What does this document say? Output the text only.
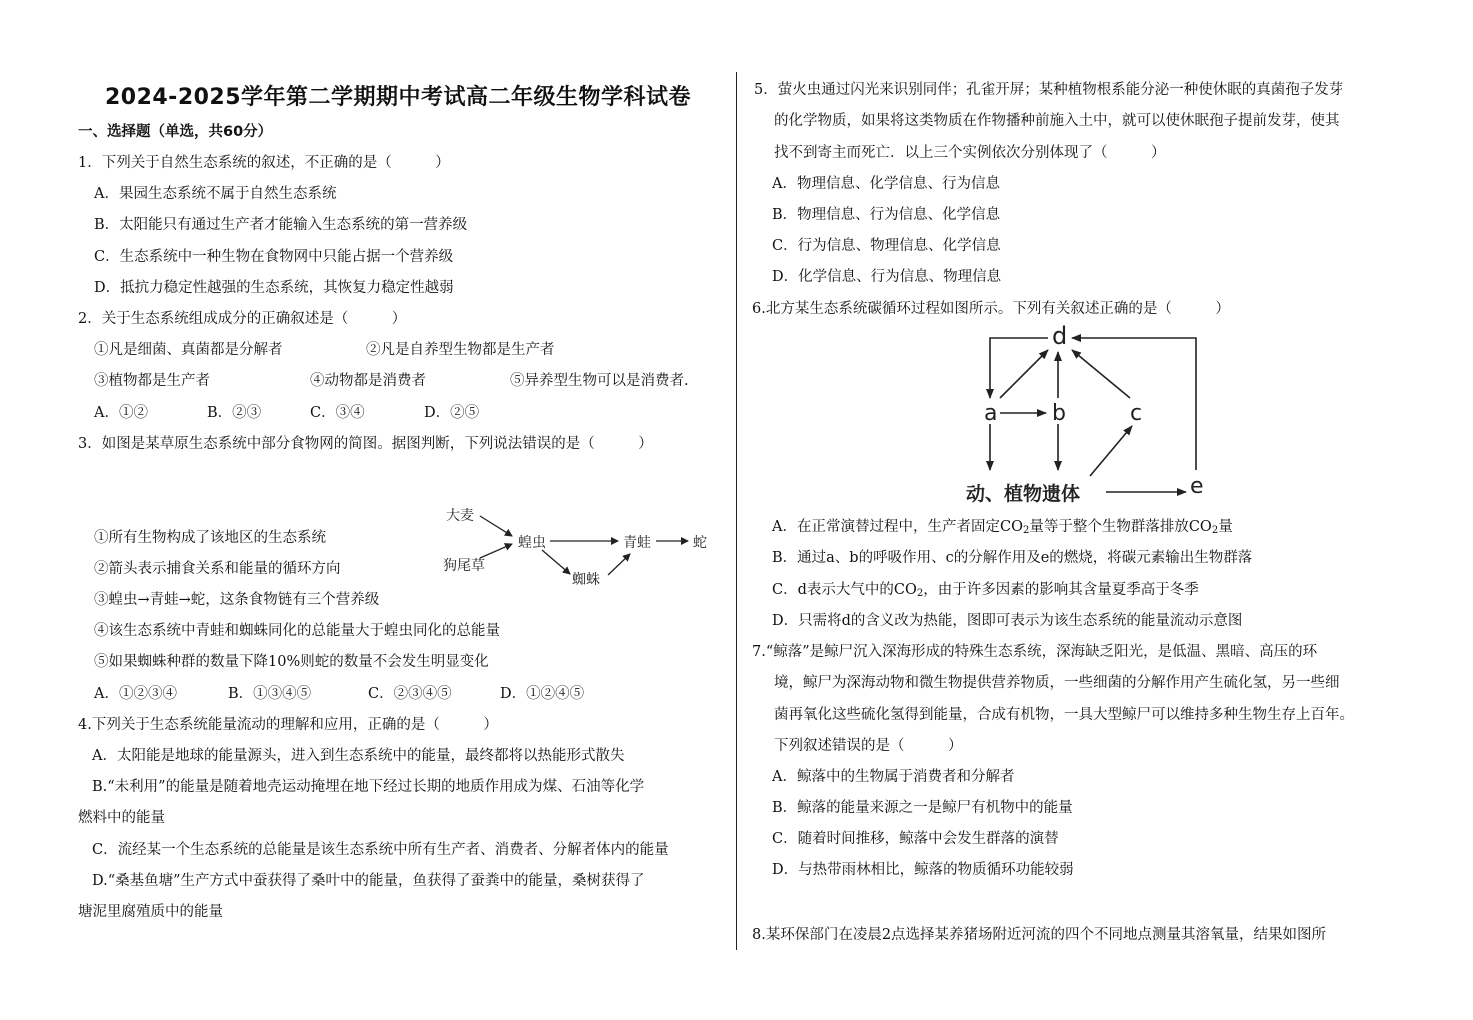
2024-2025学年第二学期期中考试高二年级生物学科试卷
一、选择题（单选，共60分）
1．下列关于自然生态系统的叙述，不正确的是（　　　）
A．果园生态系统不属于自然生态系统
B．太阳能只有通过生产者才能输入生态系统的第一营养级
C．生态系统中一种生物在食物网中只能占据一个营养级
D．抵抗力稳定性越强的生态系统，其恢复力稳定性越弱
2．关于生态系统组成成分的正确叙述是（　　　）
①凡是细菌、真菌都是分解者	②凡是自养型生物都是生产者
③植物都是生产者	④动物都是消费者	⑤异养型生物可以是消费者.
A．①②	B．②③	C．③④	D．②⑤
3．如图是某草原生态系统中部分食物网的简图。据图判断，下列说法错误的是（　　　）
大麦
狗尾草
蝗虫	青蛙	蛇
蜘蛛
①所有生物构成了该地区的生态系统
②箭头表示捕食关系和能量的循环方向
③蝗虫→青蛙→蛇，这条食物链有三个营养级
④该生态系统中青蛙和蜘蛛同化的总能量大于蝗虫同化的总能量
⑤如果蜘蛛种群的数量下降10%则蛇的数量不会发生明显变化
A．①②③④	B．①③④⑤	C．②③④⑤	D．①②④⑤
4.下列关于生态系统能量流动的理解和应用，正确的是（　　　）
A．太阳能是地球的能量源头，进入到生态系统中的能量，最终都将以热能形式散失
B.“未利用”的能量是随着地壳运动掩埋在地下经过长期的地质作用成为煤、石油等化学
燃料中的能量
C．流经某一个生态系统的总能量是该生态系统中所有生产者、消费者、分解者体内的能量
D.“桑基鱼塘”生产方式中蚕获得了桑叶中的能量，鱼获得了蚕粪中的能量，桑树获得了
塘泥里腐殖质中的能量
5．萤火虫通过闪光来识别同伴；孔雀开屏；某种植物根系能分泌一种使休眠的真菌孢子发芽
的化学物质，如果将这类物质在作物播种前施入土中，就可以使休眠孢子提前发芽，使其
找不到寄主而死亡．以上三个实例依次分别体现了（　　　）
A．物理信息、化学信息、行为信息
B．物理信息、行为信息、化学信息
C．行为信息、物理信息、化学信息
D．化学信息、行为信息、物理信息
6.北方某生态系统碳循环过程如图所示。下列有关叙述正确的是（　　　）
d
a b	c
e
动、植物遗体
A．在正常演替过程中，生产者固定$CO_2$量等于整个生物群落排放$CO_2$量
B．通过a、b的呼吸作用、c的分解作用及e的燃烧，将碳元素输出生物群落
C．d表示大气中的$CO_2$，由于许多因素的影响其含量夏季高于冬季
D．只需将d的含义改为热能，图即可表示为该生态系统的能量流动示意图
7.“鲸落”是鲸尸沉入深海形成的特殊生态系统，深海缺乏阳光，是低温、黑暗、高压的环
境，鲸尸为深海动物和微生物提供营养物质，一些细菌的分解作用产生硫化氢，另一些细
菌再氧化这些硫化氢得到能量，合成有机物，一具大型鲸尸可以维持多种生物生存上百年。
下列叙述错误的是（　　　）
A．鲸落中的生物属于消费者和分解者
B．鲸落的能量来源之一是鲸尸有机物中的能量
C．随着时间推移，鲸落中会发生群落的演替
D．与热带雨林相比，鲸落的物质循环功能较弱
8.某环保部门在凌晨2点选择某养猪场附近河流的四个不同地点测量其溶氧量，结果如图所
